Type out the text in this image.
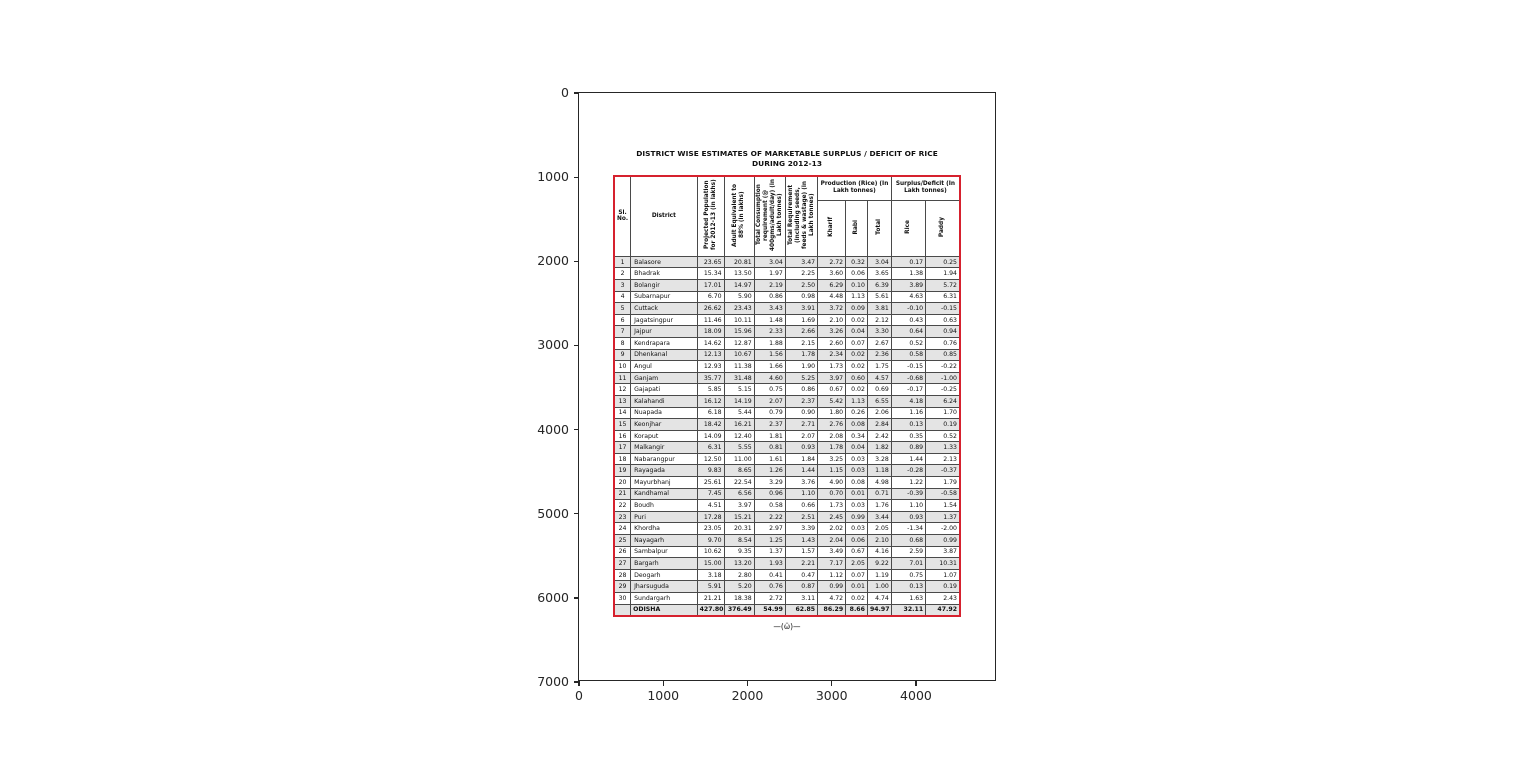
0
1000
2000
3000
4000
5000
6000
7000
0	1000	2000	3000	4000
DISTRICT WISE ESTIMATES OF MARKETABLE SURPLUS / DEFICIT OF RICE
DURING 2012-13
Sl. No.	District	Projected Population for 2012-13 (in lakhs)	Adult Equivalent to 88% (in lakhs)	Total Consumption requirement (@ 400gms/adult/day) (in Lakh tonnes)	Total Requirement (including seeds, feeds & wastage) (in Lakh tonnes)	Production (Rice) (In Lakh tonnes)			Surplus/Deficit (In Lakh tonnes)	
						Kharif	Rabi	Total	Rice	Paddy
1	Balasore	23.65	20.81	3.04	3.47	2.72	0.32	3.04	0.17	0.25
2	Bhadrak	15.34	13.50	1.97	2.25	3.60	0.06	3.65	1.38	1.94
3	Bolangir	17.01	14.97	2.19	2.50	6.29	0.10	6.39	3.89	5.72
4	Subarnapur	6.70	5.90	0.86	0.98	4.48	1.13	5.61	4.63	6.31
5	Cuttack	26.62	23.43	3.43	3.91	3.72	0.09	3.81	-0.10	-0.15
6	Jagatsingpur	11.46	10.11	1.48	1.69	2.10	0.02	2.12	0.43	0.63
7	Jajpur	18.09	15.96	2.33	2.66	3.26	0.04	3.30	0.64	0.94
8	Kendrapara	14.62	12.87	1.88	2.15	2.60	0.07	2.67	0.52	0.76
9	Dhenkanal	12.13	10.67	1.56	1.78	2.34	0.02	2.36	0.58	0.85
10	Angul	12.93	11.38	1.66	1.90	1.73	0.02	1.75	-0.15	-0.22
11	Ganjam	35.77	31.48	4.60	5.25	3.97	0.60	4.57	-0.68	-1.00
12	Gajapati	5.85	5.15	0.75	0.86	0.67	0.02	0.69	-0.17	-0.25
13	Kalahandi	16.12	14.19	2.07	2.37	5.42	1.13	6.55	4.18	6.24
14	Nuapada	6.18	5.44	0.79	0.90	1.80	0.26	2.06	1.16	1.70
15	Keonjhar	18.42	16.21	2.37	2.71	2.76	0.08	2.84	0.13	0.19
16	Koraput	14.09	12.40	1.81	2.07	2.08	0.34	2.42	0.35	0.52
17	Malkangir	6.31	5.55	0.81	0.93	1.78	0.04	1.82	0.89	1.33
18	Nabarangpur	12.50	11.00	1.61	1.84	3.25	0.03	3.28	1.44	2.13
19	Rayagada	9.83	8.65	1.26	1.44	1.15	0.03	1.18	-0.28	-0.37
20	Mayurbhanj	25.61	22.54	3.29	3.76	4.90	0.08	4.98	1.22	1.79
21	Kandhamal	7.45	6.56	0.96	1.10	0.70	0.01	0.71	-0.39	-0.58
22	Boudh	4.51	3.97	0.58	0.66	1.73	0.03	1.76	1.10	1.54
23	Puri	17.28	15.21	2.22	2.51	2.45	0.99	3.44	0.93	1.37
24	Khordha	23.05	20.31	2.97	3.39	2.02	0.03	2.05	-1.34	-2.00
25	Nayagarh	9.70	8.54	1.25	1.43	2.04	0.06	2.10	0.68	0.99
26	Sambalpur	10.62	9.35	1.37	1.57	3.49	0.67	4.16	2.59	3.87
27	Bargarh	15.00	13.20	1.93	2.21	7.17	2.05	9.22	7.01	10.31
28	Deogarh	3.18	2.80	0.41	0.47	1.12	0.07	1.19	0.75	1.07
29	Jharsuguda	5.91	5.20	0.76	0.87	0.99	0.01	1.00	0.13	0.19
30	Sundargarh	21.21	18.38	2.72	3.11	4.72	0.02	4.74	1.63	2.43
	ODISHA	427.80	376.49	54.99	62.85	86.29	8.66	94.97	32.11	47.92
—(ω̈)—
